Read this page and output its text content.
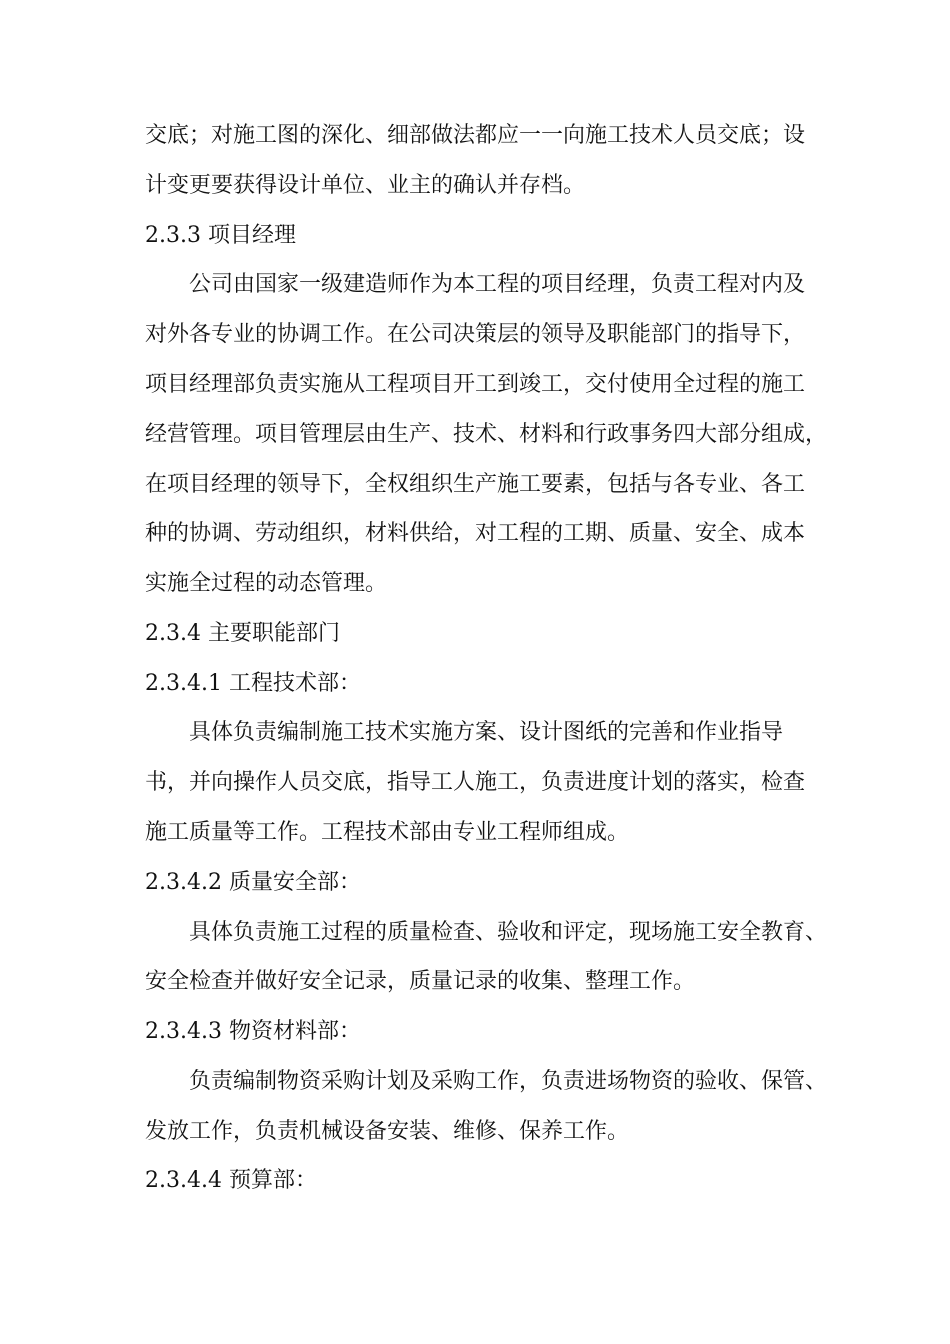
交底；对施工图的深化、细部做法都应一一向施工技术人员交底；设
计变更要获得设计单位、业主的确认并存档。
2.3.3 项目经理
公司由国家一级建造师作为本工程的项目经理，负责工程对内及
对外各专业的协调工作。在公司决策层的领导及职能部门的指导下，
项目经理部负责实施从工程项目开工到竣工，交付使用全过程的施工
经营管理。项目管理层由生产、技术、材料和行政事务四大部分组成，
在项目经理的领导下，全权组织生产施工要素，包括与各专业、各工
种的协调、劳动组织，材料供给，对工程的工期、质量、安全、成本
实施全过程的动态管理。
2.3.4 主要职能部门
2.3.4.1 工程技术部：
具体负责编制施工技术实施方案、设计图纸的完善和作业指导
书，并向操作人员交底，指导工人施工，负责进度计划的落实，检查
施工质量等工作。工程技术部由专业工程师组成。
2.3.4.2 质量安全部：
具体负责施工过程的质量检查、验收和评定，现场施工安全教育、
安全检查并做好安全记录，质量记录的收集、整理工作。
2.3.4.3 物资材料部：
负责编制物资采购计划及采购工作，负责进场物资的验收、保管、
发放工作，负责机械设备安装、维修、保养工作。
2.3.4.4 预算部：
